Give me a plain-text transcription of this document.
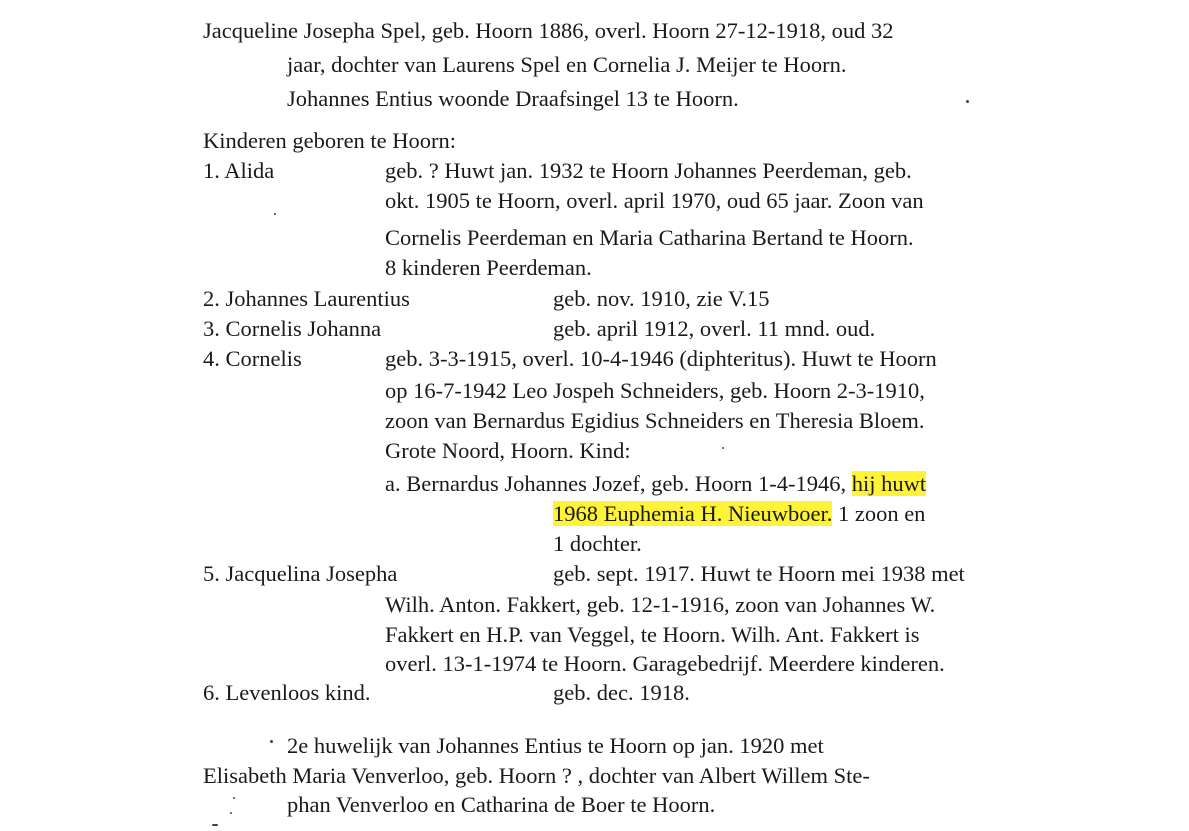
Jacqueline Josepha Spel, geb. Hoorn 1886, overl. Hoorn 27-12-1918, oud 32
jaar, dochter van Laurens Spel en Cornelia J. Meijer te Hoorn.
Johannes Entius woonde Draafsingel 13 te Hoorn.
Kinderen geboren te Hoorn:
1. Alida	geb. ? Huwt jan. 1932 te Hoorn Johannes Peerdeman, geb.
okt. 1905 te Hoorn, overl. april 1970, oud 65 jaar. Zoon van
Cornelis Peerdeman en Maria Catharina Bertand te Hoorn.
8 kinderen Peerdeman.
2. Johannes Laurentius	geb. nov. 1910, zie V.15
3. Cornelis Johanna	geb. april 1912, overl. 11 mnd. oud.
4. Cornelis	geb. 3-3-1915, overl. 10-4-1946 (diphteritus). Huwt te Hoorn
op 16-7-1942 Leo Jospeh Schneiders, geb. Hoorn 2-3-1910,
zoon van Bernardus Egidius Schneiders en Theresia Bloem.
Grote Noord, Hoorn. Kind:
a. Bernardus Johannes Jozef, geb. Hoorn 1-4-1946, hij huwt
1968 Euphemia H. Nieuwboer. 1 zoon en
1 dochter.
5. Jacquelina Josepha	geb. sept. 1917. Huwt te Hoorn mei 1938 met
Wilh. Anton. Fakkert, geb. 12-1-1916, zoon van Johannes W.
Fakkert en H.P. van Veggel, te Hoorn. Wilh. Ant. Fakkert is
overl. 13-1-1974 te Hoorn. Garagebedrijf. Meerdere kinderen.
6. Levenloos kind.	geb. dec. 1918.
2e huwelijk van Johannes Entius te Hoorn op jan. 1920 met
Elisabeth Maria Venverloo, geb. Hoorn ? , dochter van Albert Willem Ste-
phan Venverloo en Catharina de Boer te Hoorn.
